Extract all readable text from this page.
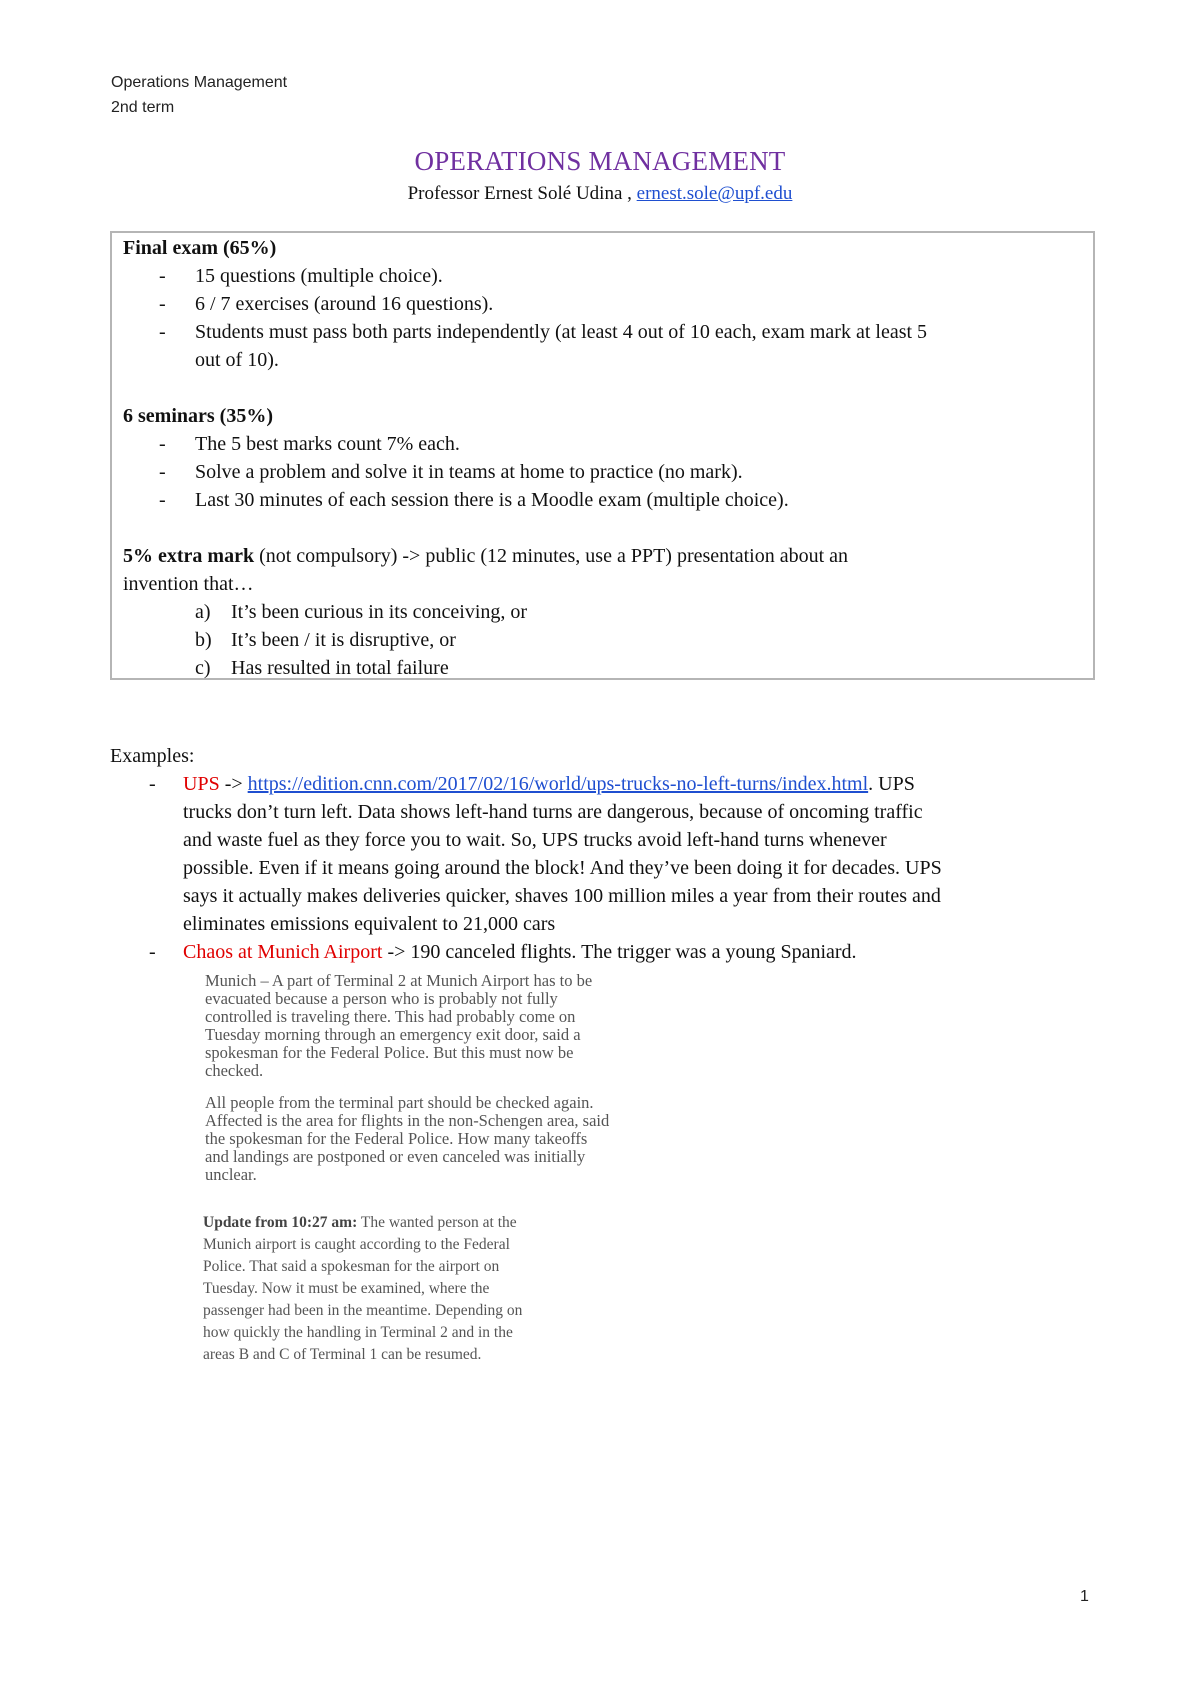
Operations Management
2nd term
OPERATIONS MANAGEMENT
Professor Ernest Solé Udina , ernest.sole@upf.edu
Final exam (65%)
- 15 questions (multiple choice).
- 6 / 7 exercises (around 16 questions).
- Students must pass both parts independently (at least 4 out of 10 each, exam mark at least 5
out of 10).
6 seminars (35%)
- The 5 best marks count 7% each.
- Solve a problem and solve it in teams at home to practice (no mark).
- Last 30 minutes of each session there is a Moodle exam (multiple choice).
5% extra mark (not compulsory) -> public (12 minutes, use a PPT) presentation about an
invention that…
a) It’s been curious in its conceiving, or
b) It’s been / it is disruptive, or
c) Has resulted in total failure
Examples:
- UPS -> https://edition.cnn.com/2017/02/16/world/ups-trucks-no-left-turns/index.html. UPS
trucks don’t turn left. Data shows left-hand turns are dangerous, because of oncoming traffic
and waste fuel as they force you to wait. So, UPS trucks avoid left-hand turns whenever
possible. Even if it means going around the block! And they’ve been doing it for decades. UPS
says it actually makes deliveries quicker, shaves 100 million miles a year from their routes and
eliminates emissions equivalent to 21,000 cars
- Chaos at Munich Airport -> 190 canceled flights. The trigger was a young Spaniard.

Munich – A part of Terminal 2 at Munich Airport has to be
evacuated because a person who is probably not fully
controlled is traveling there. This had probably come on
Tuesday morning through an emergency exit door, said a
spokesman for the Federal Police. But this must now be
checked.

All people from the terminal part should be checked again.
Affected is the area for flights in the non-Schengen area, said
the spokesman for the Federal Police. How many takeoffs
and landings are postponed or even canceled was initially
unclear.

Update from 10:27 am: The wanted person at the
Munich airport is caught according to the Federal
Police. That said a spokesman for the airport on
Tuesday. Now it must be examined, where the
passenger had been in the meantime. Depending on
how quickly the handling in Terminal 2 and in the
areas B and C of Terminal 1 can be resumed.
1
